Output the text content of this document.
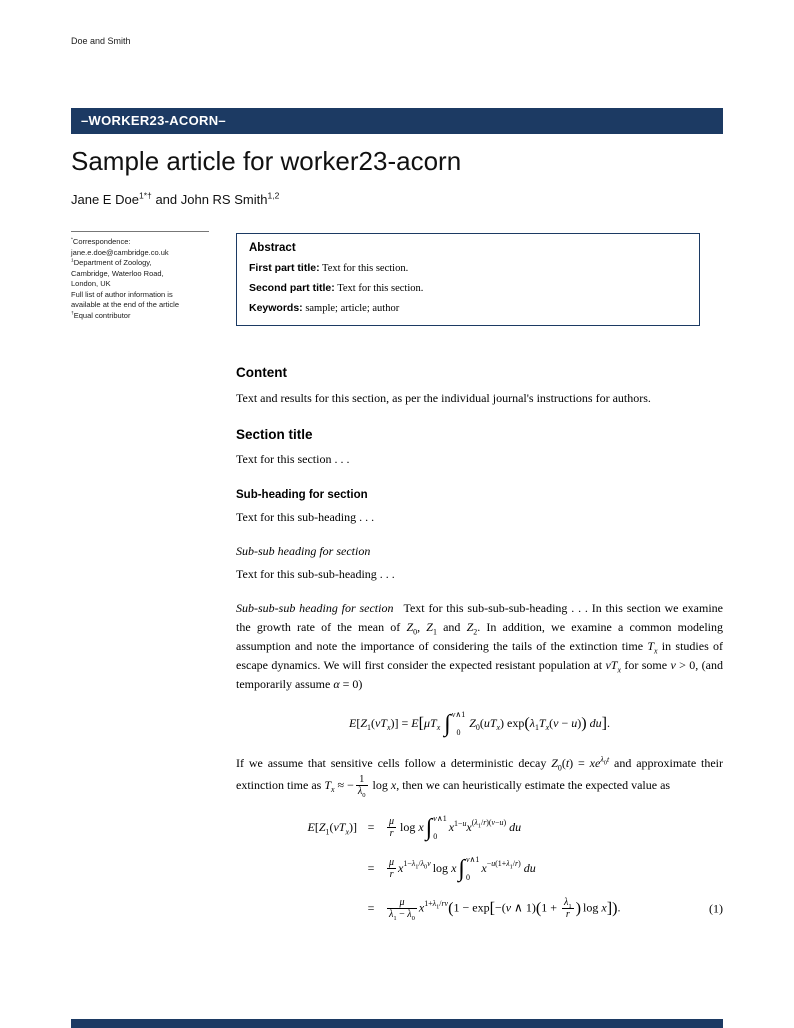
Doe and Smith
–WORKER23-ACORN–
Sample article for worker23-acorn
Jane E Doe$^{1*\dagger}$ and John RS Smith$^{1,2}$
*Correspondence:
jane.e.doe@cambridge.co.uk
$^1$Department of Zoology,
Cambridge, Waterloo Road,
London, UK
Full list of author information is
available at the end of the article
†Equal contributor
Abstract
First part title: Text for this section.
Second part title: Text for this section.
Keywords: sample; article; author
Content

Text and results for this section, as per the individual journal's instructions for authors.

Section title

Text for this section . . .

Sub-heading for section

Text for this sub-heading . . .

Sub-sub heading for section

Text for this sub-sub-heading . . .

Sub-sub-sub heading for section Text for this sub-sub-sub-heading . . . In this section we examine the growth rate of the mean of $Z_0$, $Z_1$ and $Z_2$. In addition, we examine a common modeling assumption and note the importance of considering the tails of the extinction time $T_x$ in studies of escape dynamics. We will first consider the expected resistant population at $vT_x$ for some v > 0, (and temporarily assume α = 0)

$E[Z_1(vT_x)] = E[\mu T_x$ ∫ v∧1
0
$Z_0(uT_x) \exp(\lambda_1T_x(v - u))$ du].

If we assume that sensitive cells follow a deterministic decay $Z_0(t) = xe^{\lambda_0t}$ and approximate their extinction time as $T_x$ ≈ − $\frac{1}{\lambda_0}$ log x, then we can heuristically estimate the expected value as

$E[Z_1(vT_x)]$ =	$\frac{\mu}{r}$ log x ∫ v∧1
0
$x^{1-u}x^{(\lambda_1/r)(v-u)}$ du
=	$\frac{\mu}{r} x^{1-\lambda_1/\lambda_0v}$ log x ∫ v∧1
0
$x^{-u(1+\lambda_1/r)}$ du
=	$\frac{\mu}{\lambda_1 - \lambda_0} x^{1+\lambda_1/rv}(1 - \exp[-(v$ ∧ $1)(1 + \frac{\lambda_1}{r}$ ) log x]).	(1)
